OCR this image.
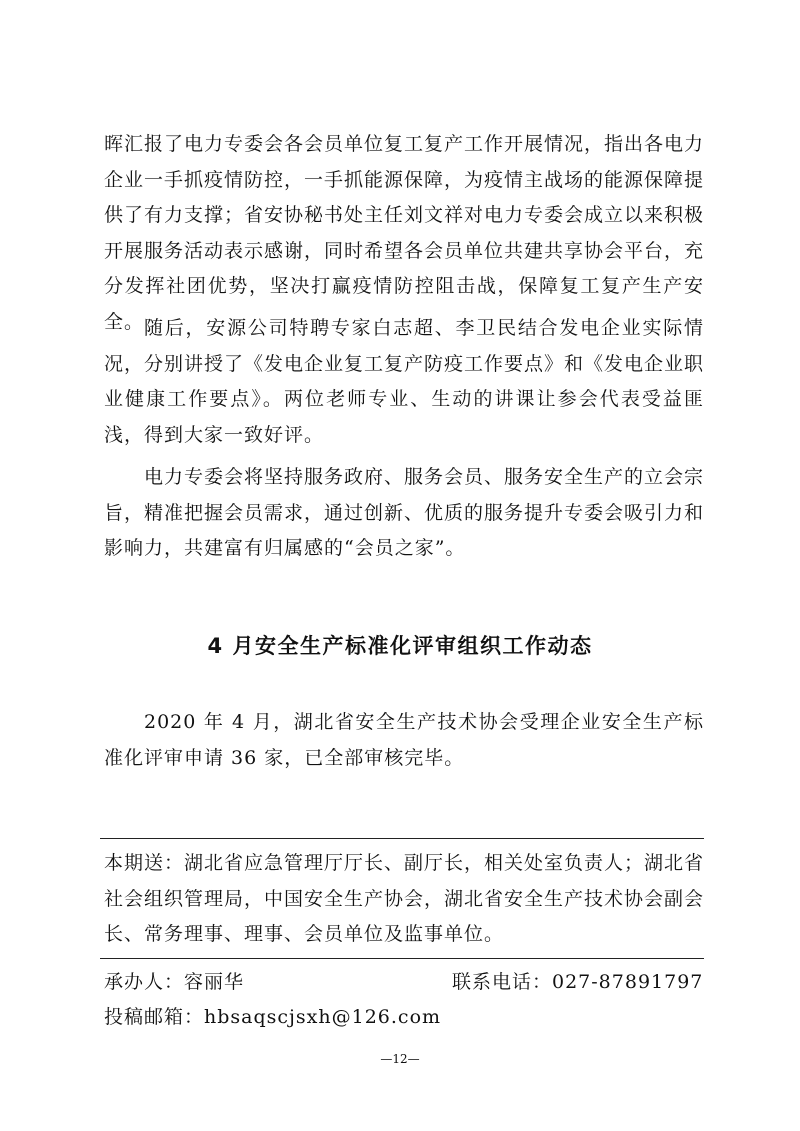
晖汇报了电力专委会各会员单位复工复产工作开展情况，指出各电力企业一手抓疫情防控，一手抓能源保障，为疫情主战场的能源保障提供了有力支撑；省安协秘书处主任刘文祥对电力专委会成立以来积极开展服务活动表示感谢，同时希望各会员单位共建共享协会平台，充分发挥社团优势，坚决打赢疫情防控阻击战，保障复工复产生产安全。 随后，安源公司特聘专家白志超、李卫民结合发电企业实际情况，分别讲授了《发电企业复工复产防疫工作要点》和《发电企业职业健康工作要点》。两位老师专业、生动的讲课让参会代表受益匪浅，得到大家一致好评。

电力专委会将坚持服务政府、服务会员、服务安全生产的立会宗旨，精准把握会员需求，通过创新、优质的服务提升专委会吸引力和影响力，共建富有归属感的“会员之家”。

4 月安全生产标准化评审组织工作动态

2020 年 4 月，湖北省安全生产技术协会受理企业安全生产标准化评审申请 36 家，已全部审核完毕。

本期送：湖北省应急管理厅厅长、副厅长，相关处室负责人；湖北省社会组织管理局，中国安全生产协会，湖北省安全生产技术协会副会长、常务理事、理事、会员单位及监事单位。

承办人：容丽华	联系电话：027-87891797

投稿邮箱：hbsaqscjsxh@126.com

—12—
